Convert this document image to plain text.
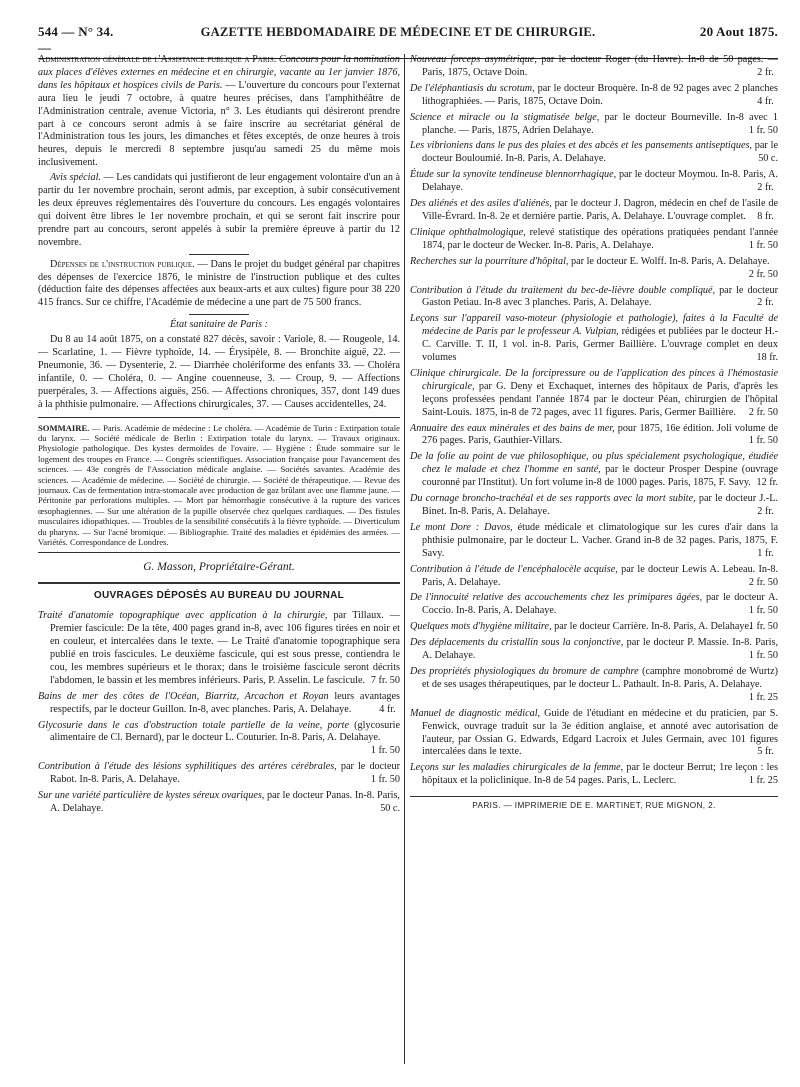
544 — N° 34. —
GAZETTE HEBDOMADAIRE DE MÉDECINE ET DE CHIRURGIE.	20 Aout 1875.

Administration générale de l'Assistance publique a Paris. Concours pour la nomination aux places d'élèves externes en médecine et en chirurgie, vacante au 1er janvier 1876, dans les hôpitaux et hospices civils de Paris. — L'ouverture du concours pour l'externat aura lieu le jeudi 7 octobre, à quatre heures précises, dans l'amphithéâtre de l'Administration centrale, avenue Victoria, n° 3. Les étudiants qui désireront prendre part à ce concours seront admis à se faire inscrire au secrétariat général de l'Administration tous les jours, les dimanches et fêtes exceptés, de onze heures à trois heures, depuis le mercredi 8 septembre jusqu'au samedi 25 du même mois inclusivement.

Avis spécial. — Les candidats qui justifieront de leur engagement volontaire d'un an à partir du 1er novembre prochain, seront admis, par exception, à subir consécutivement les deux épreuves réglementaires dès l'ouverture du concours. Les engagés volontaires qui doivent être libres le 1er novembre prochain, et qui se seront fait inscrire pour prendre part au concours, seront appelés à subir la première épreuve à partir du 12 novembre.

Dépenses de l'instruction publique. — Dans le projet du budget général par chapitres des dépenses de l'exercice 1876, le ministre de l'instruction publique et des cultes (déduction faite des dépenses affectées aux beaux-arts et aux cultes) figure pour 38 220 415 francs. Sur ce chiffre, l'Académie de médecine a une part de 75 500 francs.

État sanitaire de Paris :

Du 8 au 14 août 1875, on a constaté 827 décès, savoir : Variole, 8. — Rougeole, 14. — Scarlatine, 1. — Fièvre typhoïde, 14. — Érysipèle, 8. — Bronchite aiguë, 22. — Pneumonie, 36. — Dysenterie, 2. — Diarrhée cholériforme des enfants 33. — Choléra infantile, 0. — Choléra, 0. — Angine couenneuse, 3. — Croup, 9. — Affections puerpérales, 3. — Affections aiguës, 256. — Affections chroniques, 357, dont 149 dues à la phthisie pulmonaire. — Affections chirurgicales, 37. — Causes accidentelles, 24.

SOMMAIRE. — Paris. Académie de médecine : Le choléra. — Académie de Turin : Extirpation totale du larynx. — Société médicale de Berlin : Extirpation totale du larynx. — Travaux originaux. Physiologie pathologique. Des kystes dermoïdes de l'ovaire. — Hygiène : Étude sommaire sur le logement des troupes en France. — Congrès scientifiques. Association française pour l'avancement des sciences. — 43e congrès de l'Association médicale anglaise. — Sociétés savantes. Académie des sciences. — Académie de médecine. — Société de chirurgie. — Société de thérapeutique. — Revue des journaux. Cas de fermentation intra-stomacale avec production de gaz brûlant avec une flamme jaune. — Péritonite par perforations multiples. — Mort par hémorrhagie consécutive à la rupture des varices œsophagiennes. — Sur une altération de la pupille observée chez quelques cardiaques. — Des fistules musculaires idiopathiques. — Troubles de la sensibilité consécutifs à la fièvre typhoïde. — Diverticulum du pharynx. — Sur l'acné bromique. — Bibliographie. Traité des maladies et épidémies des armées. — Variétés. Correspondance de Londres.

G. Masson, Propriétaire-Gérant.
OUVRAGES DÉPOSÉS AU BUREAU DU JOURNAL

Traité d'anatomie topographique avec application à la chirurgie, par Tillaux. — Premier fascicule: De la tête, 400 pages grand in-8, avec 106 figures tirées en noir et en couleur, et intercalées dans le texte. — Le Traité d'anatomie topographique sera publié en trois fascicules. Le deuxième fascicule, qui est sous presse, contiendra le cou, les membres supérieurs et le thorax; dans le troisième fascicule seront décrits l'abdomen, le bassin et les membres inférieurs. Paris, P. Asselin. Le fascicule. 7 fr. 50

Bains de mer des côtes de l'Océan, Biarritz, Arcachon et Royan leurs avantages respectifs, par le docteur Guillon. In-8, avec planches. Paris, A. Delahaye.	4 fr.

Glycosurie dans le cas d'obstruction totale partielle de la veine, porte (glycosurie alimentaire de Cl. Bernard), par le docteur L. Couturier. In-8. Paris, A. Delahaye.
1 fr. 50

Contribution à l'étude des lésions syphilitiques des artères cérébrales, par le docteur Rabot. In-8. Paris, A. Delahaye.	1 fr. 50

Sur une variété particulière de kystes séreux ovariques, par le docteur Panas. In-8. Paris, A. Delahaye.	50 c.

Nouveau forceps asymétrique, par le docteur Roger (du Havre). In-8 de 50 pages. — Paris, 1875, Octave Doin.	2 fr.

De l'éléphantiasis du scrotum, par le docteur Broquère. In-8 de 92 pages avec 2 planches lithographiées. — Paris, 1875, Octave Doin.	4 fr.

Science et miracle ou la stigmatisée belge, par le docteur Bourneville. In-8 avec 1 planche. — Paris, 1875, Adrien Delahaye.	1 fr. 50

Les vibrioniens dans le pus des plaies et des abcès et les pansements antiseptiques, par le docteur Bouloumié. In-8. Paris, A. Delahaye.	50 c.

Étude sur la synovite tendineuse blennorrhagique, par le docteur Moymou. In-8. Paris, A. Delahaye.	2 fr.

Des aliénés et des asiles d'aliénés, par le docteur J. Dagron, médecin en chef de l'asile de Ville-Évrard. In-8. 2e et dernière partie. Paris, A. Delahaye. L'ouvrage complet. 8 fr.

Clinique ophthalmologique, relevé statistique des opérations pratiquées pendant l'année 1874, par le docteur de Wecker. In-8. Paris, A. Delahaye.	1 fr. 50

Recherches sur la pourriture d'hôpital, par le docteur E. Wolff. In-8. Paris, A. Delahaye.
2 fr. 50

Contribution à l'étude du traitement du bec-de-lièvre double compliqué, par le docteur Gaston Petiau. In-8 avec 3 planches. Paris, A. Delahaye.	2 fr.

Leçons sur l'appareil vaso-moteur (physiologie et pathologie), faites à la Faculté de médecine de Paris par le professeur A. Vulpian, rédigées et publiées par le docteur H.-C. Carville. T. II, 1 vol. in-8. Paris, Germer Baillière. L'ouvrage complet en deux volumes	18 fr.

Clinique chirurgicale. De la forcipressure ou de l'application des pinces à l'hémostasie chirurgicale, par G. Deny et Exchaquet, internes des hôpitaux de Paris, d'après les leçons professées pendant l'année 1874 par le docteur Péan, chirurgien de l'hôpital Saint-Louis. 1875, in-8 de 72 pages, avec 11 figures. Paris, Germer Baillière. 2 fr. 50

Annuaire des eaux minérales et des bains de mer, pour 1875, 16e édition. Joli volume de 276 pages. Paris, Gauthier-Villars.	1 fr. 50

De la folie au point de vue philosophique, ou plus spécialement psychologique, étudiée chez le malade et chez l'homme en santé, par le docteur Prosper Despine (ouvrage couronné par l'Institut). Un fort volume in-8 de 1000 pages. Paris, 1875, F. Savy. 12 fr.

Du cornage broncho-trachéal et de ses rapports avec la mort subite, par le docteur J.-L. Binet. In-8. Paris, A. Delahaye.	2 fr.

Le mont Dore : Davos, étude médicale et climatologique sur les cures d'air dans la phthisie pulmonaire, par le docteur L. Vacher. Grand in-8 de 32 pages. Paris, 1875, F. Savy.	1 fr.

Contribution à l'étude de l'encéphalocèle acquise, par le docteur Lewis A. Lebeau. In-8. Paris, A. Delahaye.	2 fr. 50

De l'innocuité relative des accouchements chez les primipares âgées, par le docteur A. Coccio. In-8. Paris, A. Delahaye.	1 fr. 50

Quelques mots d'hygiène militaire, par le docteur Carrière. In-8. Paris, A. Delahaye.
1 fr. 50

Des déplacements du cristallin sous la conjonctive, par le docteur P. Massie. In-8. Paris, A. Delahaye.	1 fr. 50

Des propriétés physiologiques du bromure de camphre (camphre monobromé de Wurtz) et de ses usages thérapeutiques, par le docteur L. Pathault. In-8. Paris, A. Delahaye.
1 fr. 25

Manuel de diagnostic médical, Guide de l'étudiant en médecine et du praticien, par S. Fenwick, ouvrage traduit sur la 3e édition anglaise, et annoté avec autorisation de l'auteur, par Ossian G. Edwards, Edgard Lacroix et Jules Germain, avec 101 figures intercalées dans le texte.	5 fr.

Leçons sur les maladies chirurgicales de la femme, par le docteur Berrut; 1re leçon : les hôpitaux et la policlinique. In-8 de 54 pages. Paris, L. Leclerc.	1 fr. 25

PARIS. — IMPRIMERIE DE E. MARTINET, RUE MIGNON, 2.
